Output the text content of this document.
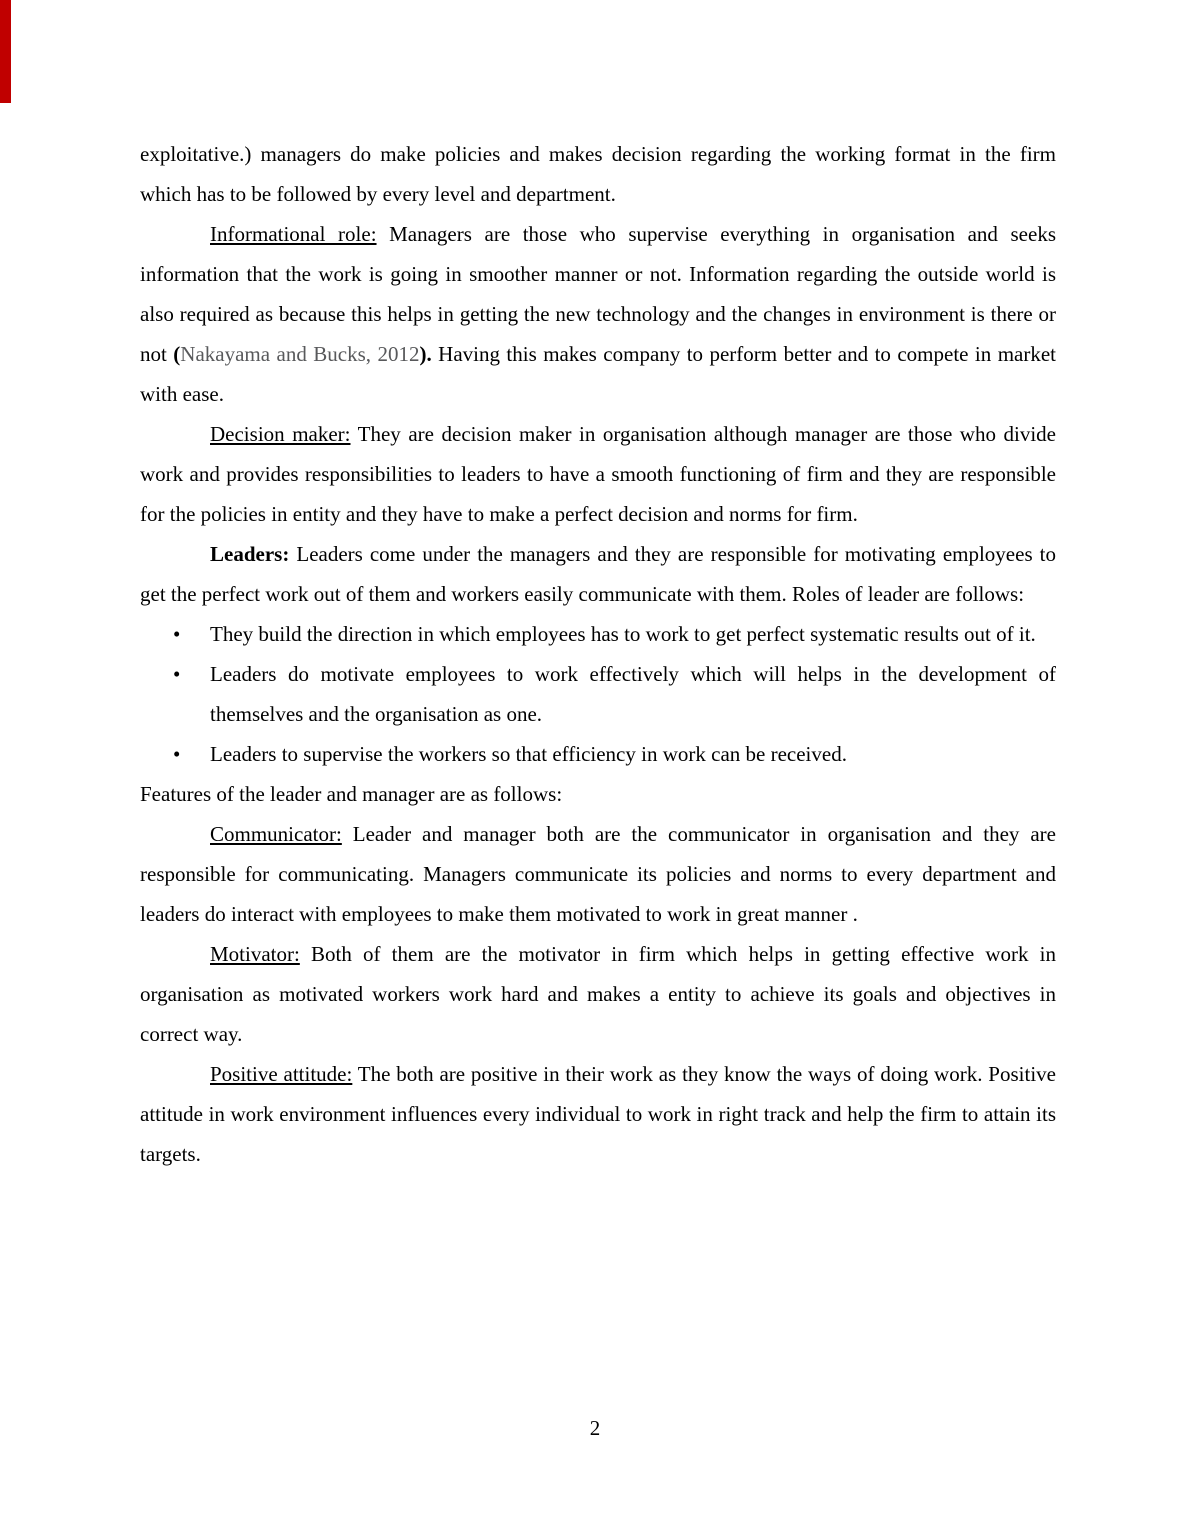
exploitative.) managers do make policies and makes decision regarding the working format in the firm which has to be followed by every level and department.

Informational role: Managers are those who supervise everything in organisation and seeks information that the work is going in smoother manner or not. Information regarding the outside world is also required as because this helps in getting the new technology and the changes in environment is there or not (Nakayama and Bucks, 2012). Having this makes company to perform better and to compete in market with ease.

Decision maker: They are decision maker in organisation although manager are those who divide work and provides responsibilities to leaders to have a smooth functioning of firm and they are responsible for the policies in entity and they have to make a perfect decision and norms for firm.

Leaders: Leaders come under the managers and they are responsible for motivating employees to get the perfect work out of them and workers easily communicate with them. Roles of leader are follows:

• They build the direction in which employees has to work to get perfect systematic results out of it.
• Leaders do motivate employees to work effectively which will helps in the development of themselves and the organisation as one.
• Leaders to supervise the workers so that efficiency in work can be received.

Features of the leader and manager are as follows:

Communicator: Leader and manager both are the communicator in organisation and they are responsible for communicating. Managers communicate its policies and norms to every department and leaders do interact with employees to make them motivated to work in great manner .

Motivator: Both of them are the motivator in firm which helps in getting effective work in organisation as motivated workers work hard and makes a entity to achieve its goals and objectives in correct way.

Positive attitude: The both are positive in their work as they know the ways of doing work. Positive attitude in work environment influences every individual to work in right track and help the firm to attain its targets.

2
